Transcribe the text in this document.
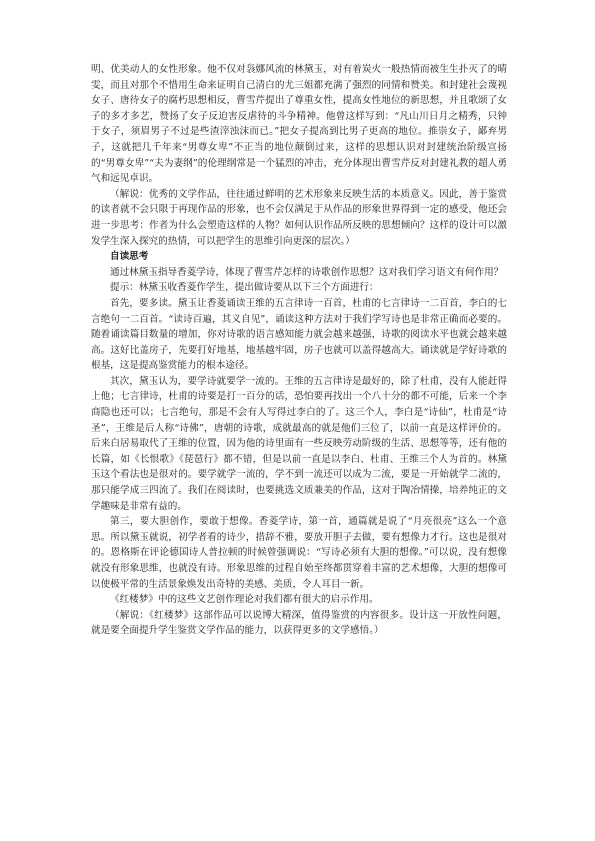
明、优美动人的女性形象。他不仅对袅娜风流的林黛玉，对有着炭火一般热情而被生生扑灭了的晴雯，而且对那个不惜用生命来证明自己清白的尤三姐都充满了强烈的同情和赞美。和封建社会蔑视女子、唐待女子的腐朽思想相反，曹雪芹提出了尊重女性，提高女性地位的新思想，并且歌颂了女子的多才多艺，赞扬了女子反迫害反虐待的斗争精神。他曾这样写到：“凡山川日月之精秀，只钟于女子，须眉男子不过是些渣滓浊沫而已。”把女子提高到比男子更高的地位。推崇女子，鄙弃男子，这就把几千年来“男尊女卑”不正当的地位颠倒过来，这样的思想认识对封建统治阶级宣扬的“男尊女卑”“夫为妻纲”的伦理纲常是一个猛烈的冲击，充分体现出曹雪芹反对封建礼教的超人勇气和远见卓识。

（解说：优秀的文学作品，往往通过鲜明的艺术形象来反映生活的本质意义。因此，善于鉴赏的读者就不会只限于再现作品的形象，也不会仅满足于从作品的形象世界得到一定的感受，他还会进一步思考：作者为什么会塑造这样的人物？如何认识作品所反映的思想倾向？这样的设计可以激发学生深入探究的热情，可以把学生的思维引向更深的层次。）

自读思考

通过林黛玉指导香菱学诗，体现了曹雪芹怎样的诗歌创作思想？这对我们学习语文有何作用？

提示：林黛玉收香菱作学生，提出做诗要从以下三个方面进行：

首先，要多读。黛玉让香菱诵读王维的五言律诗一百首，杜甫的七言律诗一二百首，李白的七言绝句一二百首。“读诗百遍，其义自见”，诵读这种方法对于我们学写诗也是非常正确而必要的。随着诵读篇目数量的增加，你对诗歌的语言感知能力就会越来越强，诗歌的阅读水平也就会越来越高。这好比盖房子，先要打好地基，地基越牢固，房子也就可以盖得越高大。诵读就是学好诗歌的根基，这是提高鉴赏能力的根本途径。

其次，黛玉认为，要学诗就要学一流的。王维的五言律诗是最好的，除了杜甫，没有人能赶得上他；七言律诗，杜甫的诗要是打一百分的话，恐怕要再找出一个八十分的都不可能，后来一个李商隐也还可以；七言绝句，那是不会有人写得过李白的了。这三个人，李白是“诗仙”，杜甫是“诗圣”，王维是后人称“诗佛”，唐朝的诗歌，成就最高的就是他们三位了，以前一直是这样评价的。后来白居易取代了王维的位置，因为他的诗里面有一些反映劳动阶级的生活、思想等等，还有他的长篇，如《长恨歌》《琵琶行》都不错，但是以前一直是以李白、杜甫、王维三个人为首的。林黛玉这个看法也是很对的。要学就学一流的，学不到一流还可以成为二流，要是一开始就学二流的，那只能学成三四流了。我们在阅读时，也要挑选文质兼美的作品，这对于陶冶情操，培养纯正的文学趣味是非常有益的。

第三，要大胆创作，要敢于想像。香菱学诗，第一首，通篇就是说了“月亮很亮”这么一个意思。所以黛玉就说，初学者看的诗少，措辞不雅，要放开胆子去做，要有想像力才行。这也是很对的。恩格斯在评论德国诗人普拉顿的时候曾强调说：“写诗必须有大胆的想像。”可以说，没有想像就没有形象思维，也就没有诗。形象思维的过程自始至终都贯穿着丰富的艺术想像，大胆的想像可以使极平常的生活景象焕发出奇特的美感、美质，令人耳目一新。

《红楼梦》中的这些文艺创作理论对我们都有很大的启示作用。

（解说：《红楼梦》这部作品可以说博大精深，值得鉴赏的内容很多。设计这一开放性问题，就是要全面提升学生鉴赏文学作品的能力，以获得更多的文学感悟。）
